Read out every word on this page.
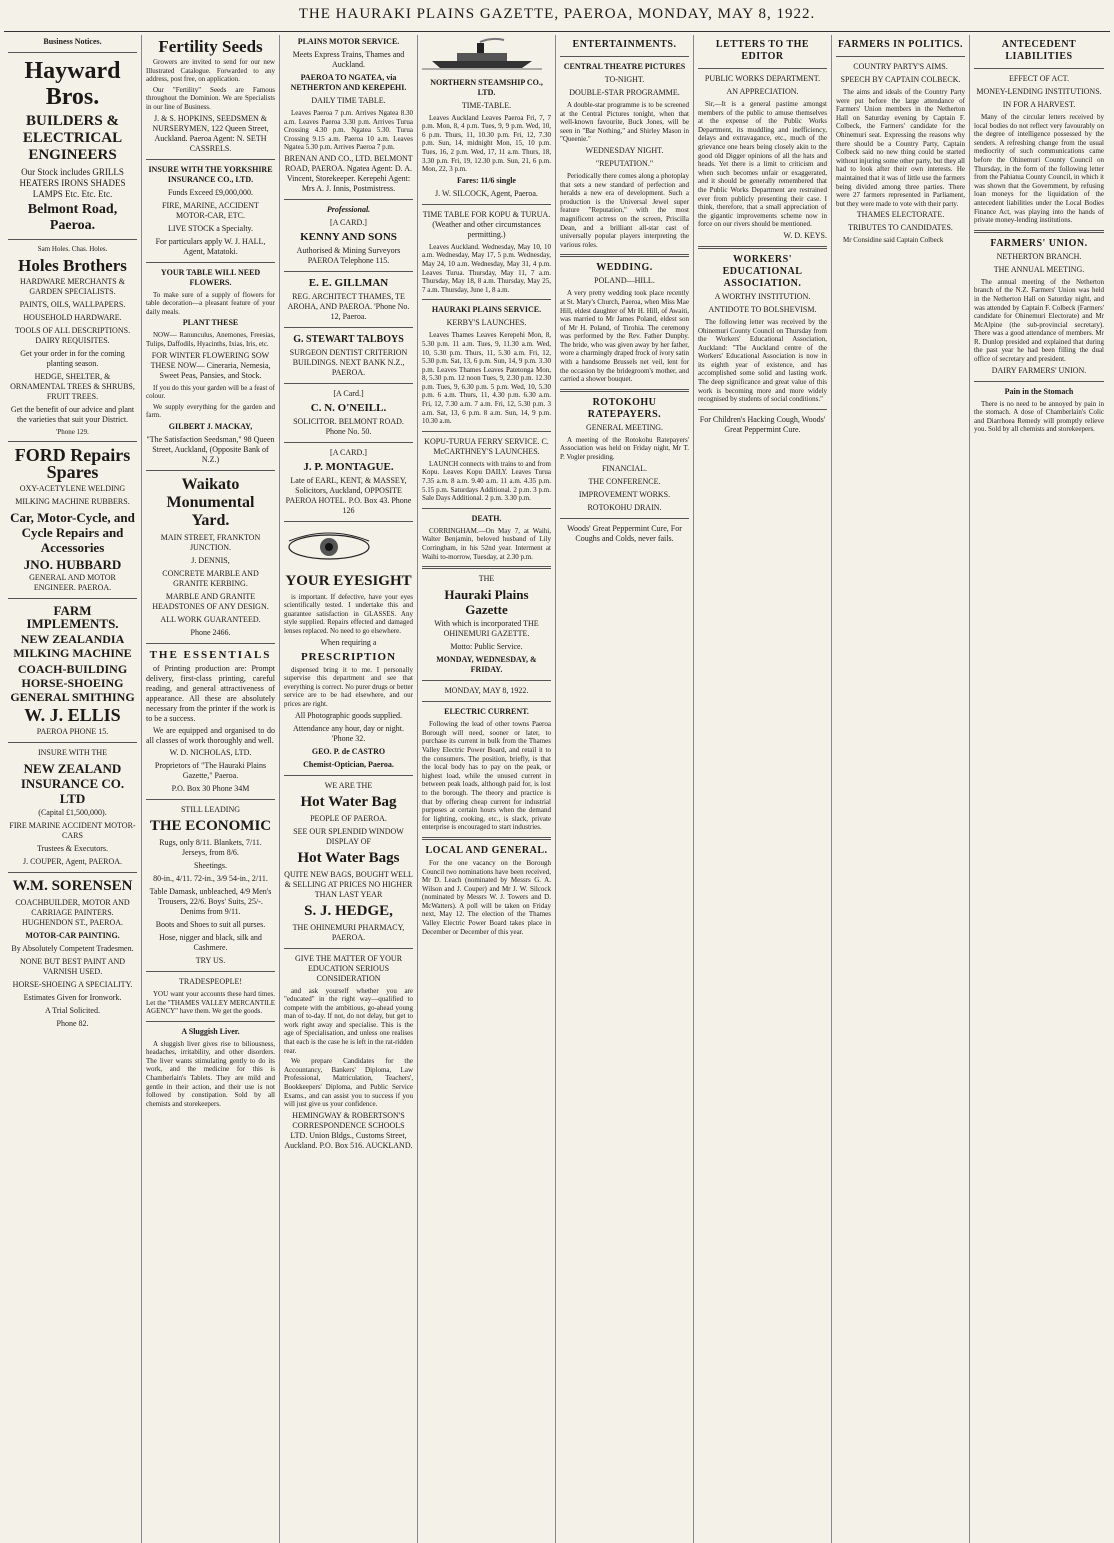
THE HAURAKI PLAINS GAZETTE, PAEROA, MONDAY, MAY 8, 1922.
Business Notices.
Hayward Bros.
BUILDERS & ELECTRICAL ENGINEERS
Our Stock includes GRILLS HEATERS IRONS SHADES LAMPS Etc. Etc. Etc.
Belmont Road, Paeroa.
Sam Holes. Chas. Holes.
Holes Brothers
HARDWARE MERCHANTS & GARDEN SPECIALISTS.
PAINTS, OILS, WALLPAPERS.
HOUSEHOLD HARDWARE.
TOOLS OF ALL DESCRIPTIONS. DAIRY REQUISITES.
Get your order in for the coming planting season.
HEDGE, SHELTER, & ORNAMENTAL TREES & SHRUBS, FRUIT TREES.
Get the benefit of our advice and plant the varieties that suit your District.
'Phone 129.
FORD Repairs Spares
OXY-ACETYLENE WELDING
MILKING MACHINE RUBBERS.
Car, Motor-Cycle, and Cycle Repairs and Accessories
JNO. HUBBARD
GENERAL AND MOTOR ENGINEER. PAEROA.
FARM IMPLEMENTS.
NEW ZEALANDIA MILKING MACHINE
COACH-BUILDING HORSE-SHOEING GENERAL SMITHING
W. J. ELLIS
PAEROA PHONE 15.
INSURE WITH THE
NEW ZEALAND INSURANCE CO. LTD
(Capital £1,500,000).
FIRE MARINE ACCIDENT MOTOR-CARS
Trustees & Executors.
J. COUPER, Agent, PAEROA.
W.M. SORENSEN
COACHBUILDER, MOTOR AND CARRIAGE PAINTERS. HUGHENDON ST., PAEROA.
MOTOR-CAR PAINTING.
By Absolutely Competent Tradesmen.
NONE BUT BEST PAINT AND VARNISH USED.
HORSE-SHOEING A SPECIALITY.
Estimates Given for Ironwork.
A Trial Solicited.
Phone 82.
Fertility Seeds

Growers are invited to send for our new Illustrated Catalogue. Forwarded to any address, post free, on application.

Our "Fertility" Seeds are Famous throughout the Dominion. We are Specialists in our line of Business.

J. & S. HOPKINS, SEEDSMEN & NURSERYMEN, 122 Queen Street, Auckland. Paeroa Agent: N. SETH CASSRELS.
INSURE WITH THE YORKSHIRE INSURANCE CO., LTD.
Funds Exceed £9,000,000.
FIRE, MARINE, ACCIDENT MOTOR-CAR, ETC.
LIVE STOCK a Specialty.
For particulars apply W. J. HALL, Agent, Matatoki.
YOUR TABLE WILL NEED FLOWERS.

To make sure of a supply of flowers for table decoration—a pleasant feature of your daily meals.

PLANT THESE

NOW— Ranunculus, Anemones, Freesias, Tulips, Daffodils, Hyacinths, Ixias, Iris, etc.

FOR WINTER FLOWERING SOW THESE NOW— Cineraria, Nemesia, Sweet Peas, Pansies, and Stock.

If you do this your garden will be a feast of colour.

We supply everything for the garden and farm.

GILBERT J. MACKAY,
"The Satisfaction Seedsman," 98 Queen Street, Auckland, (Opposite Bank of N.Z.)
Waikato Monumental Yard.
MAIN STREET, FRANKTON JUNCTION.
J. DENNIS,
CONCRETE MARBLE AND GRANITE KERBING.
MARBLE AND GRANITE HEADSTONES OF ANY DESIGN.
ALL WORK GUARANTEED.
Phone 2466.
THE ESSENTIALS

of Printing production are: Prompt delivery, first-class printing, careful reading, and general attractiveness of appearance. All these are absolutely necessary from the printer if the work is to be a success.

We are equipped and organised to do all classes of work thoroughly and well.

W. D. NICHOLAS, LTD.
Proprietors of "The Hauraki Plains Gazette," Paeroa.
P.O. Box 30 Phone 34M
STILL LEADING
THE ECONOMIC
Rugs, only 8/11. Blankets, 7/11. Jerseys, from 8/6.
Sheetings.
80-in., 4/11. 72-in., 3/9 54-in., 2/11.
Table Damask, unbleached, 4/9 Men's Trousers, 22/6. Boys' Suits, 25/-. Denims from 9/11.
Boots and Shoes to suit all purses.
Hose, nigger and black, silk and Cashmere.
TRY US.
TRADESPEOPLE!

YOU want your accounts these hard times. Let the "THAMES VALLEY MERCANTILE AGENCY" have them. We get the goods.

A Sluggish Liver.

A sluggish liver gives rise to biliousness, headaches, irritability, and other disorders. The liver wants stimulating gently to do its work, and the medicine for this is Chamberlain's Tablets. They are mild and gentle in their action, and their use is not followed by constipation. Sold by all chemists and storekeepers.

PLAINS MOTOR SERVICE.
Meets Express Trains, Thames and Auckland.
PAEROA TO NGATEA, via NETHERTON AND KEREPEHI.
DAILY TIME TABLE.

Leaves Paeroa 7 p.m. Arrives Ngatea 8.30 a.m. Leaves Paeroa 3.30 p.m. Arrives Turua Crossing 4.30 p.m. Ngatea 5.30. Turua Crossing 9.15 a.m. Paeroa 10 a.m. Leaves Ngatea 5.30 p.m. Arrives Paeroa 7 p.m.

BRENAN AND CO., LTD. BELMONT ROAD, PAEROA. Ngatea Agent: D. A. Vincent, Storekeeper. Kerepehi Agent: Mrs A. J. Innis, Postmistress.
Professional.
[A CARD.]
KENNY AND SONS
Authorised & Mining Surveyors PAEROA Telephone 115.
E. E. GILLMAN
REG. ARCHITECT THAMES, TE AROHA, AND PAEROA. 'Phone No. 12, Paeroa.
G. STEWART TALBOYS
SURGEON DENTIST CRITERION BUILDINGS. NEXT BANK N.Z., PAEROA.
[A Card.]
C. N. O'NEILL.
SOLICITOR. BELMONT ROAD. Phone No. 50.
[A CARD.]
J. P. MONTAGUE.
Late of EARL, KENT, & MASSEY, Solicitors, Auckland, OPPOSITE PAEROA HOTEL. P.O. Box 43. Phone 126
YOUR EYESIGHT

is important. If defective, have your eyes scientifically tested. I undertake this and guarantee satisfaction in GLASSES. Any style supplied. Repairs effected and damaged lenses replaced. No need to go elsewhere.

When requiring a
PRESCRIPTION

dispensed bring it to me. I personally supervise this department and see that everything is correct. No purer drugs or better service are to be had elsewhere, and our prices are right.

All Photographic goods supplied.
Attendance any hour, day or night. 'Phone 32.
GEO. P. de CASTRO
Chemist-Optician, Paeroa.
WE ARE THE
Hot Water Bag
PEOPLE OF PAEROA.
SEE OUR SPLENDID WINDOW DISPLAY OF
Hot Water Bags
QUITE NEW BAGS, BOUGHT WELL & SELLING AT PRICES NO HIGHER THAN LAST YEAR
S. J. HEDGE,
THE OHINEMURI PHARMACY, PAEROA.
GIVE THE MATTER OF YOUR EDUCATION SERIOUS CONSIDERATION

and ask yourself whether you are "educated" in the right way—qualified to compete with the ambitious, go-ahead young man of to-day. If not, do not delay, but get to work right away and specialise. This is the age of Specialisation, and unless one realises that each is the case he is left in the rat-ridden rear.

We prepare Candidates for the Accountancy, Bankers' Diploma, Law Professional, Matriculation, Teachers', Bookkeepers' Diploma, and Public Service Exams., and can assist you to success if you will just give us your confidence.

HEMINGWAY & ROBERTSON'S CORRESPONDENCE SCHOOLS LTD. Union Bldgs., Customs Street, Auckland. P.O. Box 516. AUCKLAND.
NORTHERN STEAMSHIP CO., LTD.
TIME-TABLE.

Leaves Auckland Leaves Paeroa Fri, 7, 7 p.m. Mon, 8, 4 p.m. Tues, 9, 9 p.m. Wed, 10, 6 p.m. Thurs, 11, 10.30 p.m. Fri, 12, 7.30 p.m. Sun, 14, midnight Mon, 15, 10 p.m. Tues, 16, 2 p.m. Wed, 17, 11 a.m. Thurs, 18, 3.30 p.m. Fri, 19, 12.30 p.m. Sun, 21, 6 p.m. Mon, 22, 3 p.m.

Fares: 11/6 single
J. W. SILCOCK, Agent, Paeroa.
TIME TABLE FOR KOPU & TURUA. (Weather and other circumstances permitting.)

Leaves Auckland. Wednesday, May 10, 10 a.m. Wednesday, May 17, 5 p.m. Wednesday, May 24, 10 a.m. Wednesday, May 31, 4 p.m. Leaves Turua. Thursday, May 11, 7 a.m. Thursday, May 18, 8 a.m. Thursday, May 25, 7 a.m. Thursday, June 1, 8 a.m.

HAURAKI PLAINS SERVICE.
KERBY'S LAUNCHES.

Leaves Thames Leaves Kerepehi Mon, 8, 5.30 p.m. 11 a.m. Tues, 9, 11.30 a.m. Wed, 10, 5.30 p.m. Thurs, 11, 5.30 a.m. Fri, 12, 5.30 p.m. Sat, 13, 6 p.m. Sun, 14, 9 p.m. 3.30 p.m. Leaves Thames Leaves Patetonga Mon, 8, 5.30 p.m. 12 noon Tues, 9, 2.30 p.m. 12.30 p.m. Tues, 9, 6.30 p.m. 5 p.m. Wed, 10, 5.30 p.m. 6 a.m. Thurs, 11, 4.30 p.m. 6.30 a.m. Fri, 12, 7.30 a.m. 7 a.m. Fri, 12, 5.30 p.m. 3 a.m. Sat, 13, 6 p.m. 8 a.m. Sun, 14, 9 p.m. 10.30 a.m.

KOPU-TURUA FERRY SERVICE. C. McCARTHNEY'S LAUNCHES.

LAUNCH connects with trains to and from Kopu. Leaves Kopu DAILY. Leaves Turua 7.35 a.m. 8 a.m. 9.40 a.m. 11 a.m. 4.35 p.m. 5.15 p.m. Saturdays Additional. 2 p.m. 3 p.m. Sale Days Additional. 2 p.m. 3.30 p.m.

DEATH.

CORRINGHAM.—On May 7, at Waihi, Walter Benjamin, beloved husband of Lily Corringham, in his 52nd year. Interment at Waihi to-morrow, Tuesday, at 2.30 p.m.

THE
Hauraki Plains Gazette
With which is incorporated THE OHINEMURI GAZETTE.
Motto: Public Service.
MONDAY, WEDNESDAY, & FRIDAY.
MONDAY, MAY 8, 1922.
ELECTRIC CURRENT.

Following the lead of other towns Paeroa Borough will need, sooner or later, to purchase its current in bulk from the Thames Valley Electric Power Board, and retail it to the consumers. The position, briefly, is that the local body has to pay on the peak, or highest load, while the unused current in between peak loads, although paid for, is lost to the borough. The theory and practice is that by offering cheap current for industrial purposes at certain hours when the demand for lighting, cooking, etc., is slack, private enterprise is encouraged to start industries.

LOCAL AND GENERAL.

For the one vacancy on the Borough Council two nominations have been received, Mr D. Leach (nominated by Messrs G. A. Wilson and J. Couper) and Mr J. W. Silcock (nominated by Messrs W. J. Towers and D. McWatters). A poll will be taken on Friday next, May 12. The election of the Thames Valley Electric Power Board takes place in December or December of this year.

ENTERTAINMENTS.
CENTRAL THEATRE PICTURES
TO-NIGHT.
DOUBLE-STAR PROGRAMME.

A double-star programme is to be screened at the Central Pictures tonight, when that well-known favourite, Buck Jones, will be seen in "Bar Nothing," and Shirley Mason in "Queenie."

WEDNESDAY NIGHT.
"REPUTATION."

Periodically there comes along a photoplay that sets a new standard of perfection and heralds a new era of development. Such a production is the Universal Jewel super feature "Reputation," with the most magnificent actress on the screen, Priscilla Dean, and a brilliant all-star cast of universally popular players interpreting the various roles.

WEDDING.
POLAND—HILL.

A very pretty wedding took place recently at St. Mary's Church, Paeroa, when Miss Mae Hill, eldest daughter of Mr H. Hill, of Awaiti, was married to Mr James Poland, eldest son of Mr H. Poland, of Tirohia. The ceremony was performed by the Rev. Father Dunphy. The bride, who was given away by her father, wore a charmingly draped frock of ivory satin with a handsome Brussels net veil, lent for the occasion by the bridegroom's mother, and carried a shower bouquet.

ROTOKOHU RATEPAYERS.
GENERAL MEETING.

A meeting of the Rotokohu Ratepayers' Association was held on Friday night, Mr T. P. Vogler presiding.

FINANCIAL.
THE CONFERENCE.
IMPROVEMENT WORKS.
ROTOKOHU DRAIN.
Woods' Great Peppermint Cure, For Coughs and Colds, never fails.
LETTERS TO THE EDITOR
PUBLIC WORKS DEPARTMENT.
AN APPRECIATION.

Sir,—It is a general pastime amongst members of the public to amuse themselves at the expense of the Public Works Department, its muddling and inefficiency, delays and extravagance, etc., much of the grievance one hears being closely akin to the good old Digger opinions of all the hats and heads. Yet there is a limit to criticism and when such becomes unfair or exaggerated, and it should be generally remembered that the Public Works Department are restrained ever from publicly presenting their case. I think, therefore, that a small appreciation of the gigantic improvements scheme now in force on our rivers should be mentioned.

W. D. KEYS.
WORKERS' EDUCATIONAL ASSOCIATION.
A WORTHY INSTITUTION.
ANTIDOTE TO BOLSHEVISM.

The following letter was received by the Ohinemuri County Council on Thursday from the Workers' Educational Association, Auckland: "The Auckland centre of the Workers' Educational Association is now in its eighth year of existence, and has accomplished some solid and lasting work. The deep significance and great value of this work is becoming more and more widely recognised by students of social conditions."

For Children's Hacking Cough, Woods' Great Peppermint Cure.
FARMERS IN POLITICS.
COUNTRY PARTY'S AIMS.
SPEECH BY CAPTAIN COLBECK.

The aims and ideals of the Country Party were put before the large attendance of Farmers' Union members in the Netherton Hall on Saturday evening by Captain F. Colbeck, the Farmers' candidate for the Ohinemuri seat. Expressing the reasons why there should be a Country Party, Captain Colbeck said no new thing could be started without injuring some other party, but they all had to look after their own interests. He maintained that it was of little use the farmers being divided among three parties. There were 27 farmers represented in Parliament, but they were made to vote with their party.

THAMES ELECTORATE.
TRIBUTES TO CANDIDATES.

Mr Considine said Captain Colbeck

ANTECEDENT LIABILITIES
EFFECT OF ACT.
MONEY-LENDING INSTITUTIONS.
IN FOR A HARVEST.

Many of the circular letters received by local bodies do not reflect very favourably on the degree of intelligence possessed by the senders. A refreshing change from the usual mediocrity of such communications came before the Ohinemuri County Council on Thursday, in the form of the following letter from the Pahiatua County Council, in which it was shown that the Government, by refusing loan moneys for the liquidation of the antecedent liabilities under the Local Bodies Finance Act, was playing into the hands of private money-lending institutions.

FARMERS' UNION.
NETHERTON BRANCH.
THE ANNUAL MEETING.

The annual meeting of the Netherton branch of the N.Z. Farmers' Union was held in the Netherton Hall on Saturday night, and was attended by Captain F. Colbeck (Farmers' candidate for Ohinemuri Electorate) and Mr McAlpine (the sub-provincial secretary). There was a good attendance of members. Mr R. Dunlop presided and explained that during the past year he had been filling the dual office of secretary and president.

DAIRY FARMERS' UNION.
Pain in the Stomach

There is no need to be annoyed by pain in the stomach. A dose of Chamberlain's Colic and Diarrhoea Remedy will promptly relieve you. Sold by all chemists and storekeepers.
